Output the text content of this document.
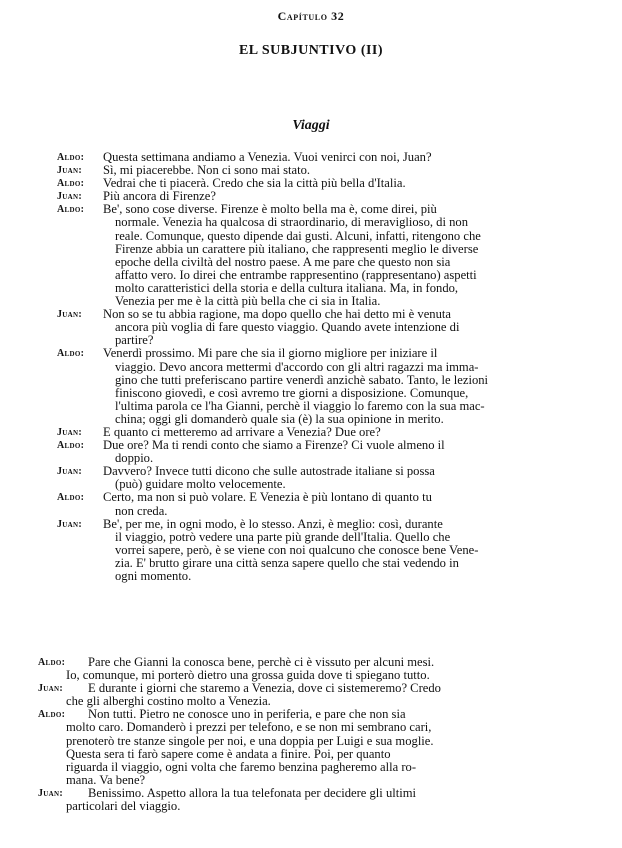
Capítulo 32
EL SUBJUNTIVO (II)
Viaggi
Aldo : Questa settimana andiamo a Venezia. Vuoi venirci con noi, Juan?
Juan : Sì, mi piacerebbe. Non ci sono mai stato.
Aldo : Vedrai che ti piacerà. Credo che sia la città più bella d'Italia.
Juan : Più ancora di Firenze?
Aldo : Be', sono cose diverse. Firenze è molto bella ma è, come direi, più
normale. Venezia ha qualcosa di straordinario, di meraviglioso, di non
reale. Comunque, questo dipende dai gusti. Alcuni, infatti, ritengono che
Firenze abbia un carattere più italiano, che rappresenti meglio le diverse
epoche della civiltà del nostro paese. A me pare che questo non sia
affatto vero. Io direi che entrambe rappresentino (rappresentano) aspetti
molto caratteristici della storia e della cultura italiana. Ma, in fondo,
Venezia per me è la città più bella che ci sia in Italia.
Juan : Non so se tu abbia ragione, ma dopo quello che hai detto mi è venuta
ancora più voglia di fare questo viaggio. Quando avete intenzione di
partire?
Aldo : Venerdì prossimo. Mi pare che sia il giorno migliore per iniziare il
viaggio. Devo ancora mettermi d'accordo con gli altri ragazzi ma imma-
gino che tutti preferiscano partire venerdì anzichè sabato. Tanto, le lezioni
finiscono giovedì, e così avremo tre giorni a disposizione. Comunque,
l'ultima parola ce l'ha Gianni, perchè il viaggio lo faremo con la sua mac-
china; oggi gli domanderò quale sia (è) la sua opinione in merito.
Juan : E quanto ci metteremo ad arrivare a Venezia? Due ore?
Aldo : Due ore? Ma ti rendi conto che siamo a Firenze? Ci vuole almeno il
doppio.
Juan : Davvero? Invece tutti dicono che sulle autostrade italiane si possa
(può) guidare molto velocemente.
Aldo : Certo, ma non si può volare. E Venezia è più lontano di quanto tu
non creda.
Juan : Be', per me, in ogni modo, è lo stesso. Anzi, è meglio: così, durante
il viaggio, potrò vedere una parte più grande dell'Italia. Quello che
vorrei sapere, però, è se viene con noi qualcuno che conosce bene Vene-
zia. E' brutto girare una città senza sapere quello che stai vedendo in
ogni momento.
Aldo : Pare che Gianni la conosca bene, perchè ci è vissuto per alcuni mesi.
Io, comunque, mi porterò dietro una grossa guida dove ti spiegano tutto.
Juan : E durante i giorni che staremo a Venezia, dove ci sistemeremo? Credo
che gli alberghi costino molto a Venezia.
Aldo : Non tutti. Pietro ne conosce uno in periferia, e pare che non sia
molto caro. Domanderò i prezzi per telefono, e se non mi sembrano cari,
prenoterò tre stanze singole per noi, e una doppia per Luigi e sua moglie.
Questa sera ti farò sapere come è andata a finire. Poi, per quanto
riguarda il viaggio, ogni volta che faremo benzina pagheremo alla ro-
mana. Va bene?
Juan : Benissimo. Aspetto allora la tua telefonata per decidere gli ultimi
particolari del viaggio.
